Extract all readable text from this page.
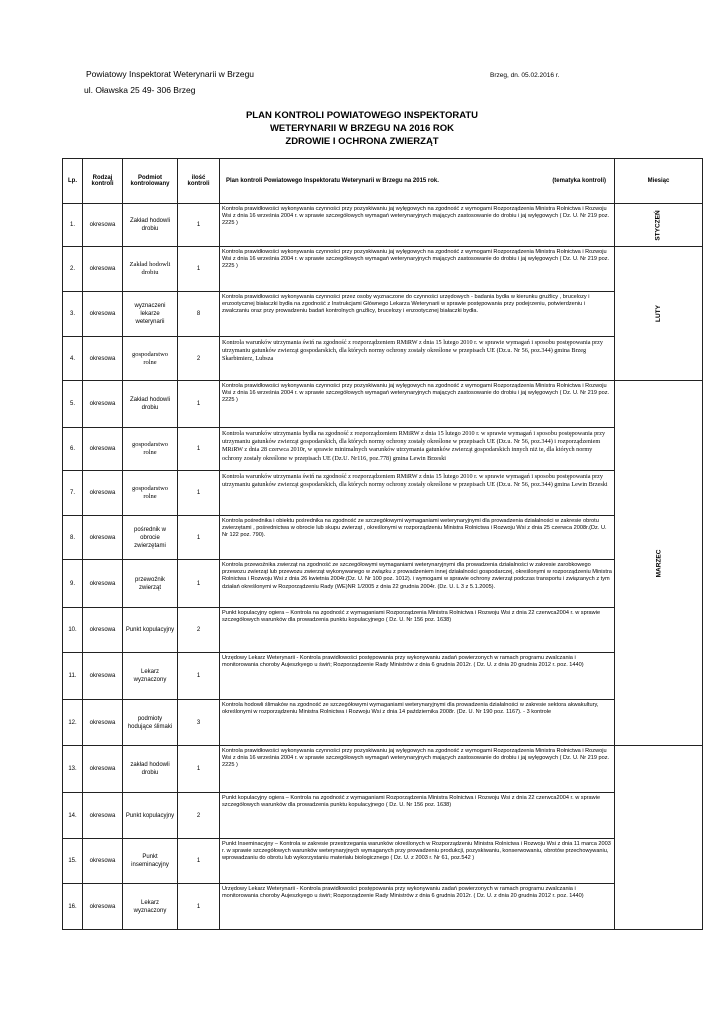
Powiatowy Inspektorat Weterynarii w Brzegu
ul. Oławska 25 49- 306 Brzeg
Brzeg, dn. 05.02.2016 r.
PLAN KONTROLI POWIATOWEGO INSPEKTORATU
WETERYNARII W BRZEGU NA 2016 ROK
ZDROWIE I OCHRONA ZWIERZĄT
Lp.	Rodzaj kontroli	Podmiot kontrolowany	ilość kontroli	Plan kontroli Powiatowego Inspektoratu Weterynarii w Brzegu na 2015 rok. (tematyka kontroli)	Miesiąc
1.	okresowa	Zakład hodowli drobiu	1	Kontrola prawidłowości wykonywania czynności przy pozyskiwaniu jaj wylęgowych na zgodność z wymogami Rozporządzenia Ministra Rolnictwa i Rozwoju Wsi z dnia 16 września 2004 r. w sprawie szczegółowych wymagań weterynaryjnych mających zastosowanie do drobiu i jaj wylęgowych ( Dz. U. Nr 219 poz. 2225 )	STYCZEŃ
2.	okresowa	Zakład hodowli drobiu	1	Kontrola prawidłowości wykonywania czynności przy pozyskiwaniu jaj wylęgowych na zgodność z wymogami Rozporządzenia Ministra Rolnictwa i Rozwoju Wsi z dnia 16 września 2004 r. w sprawie szczegółowych wymagań weterynaryjnych mających zastosowanie do drobiu i jaj wylęgowych ( Dz. U. Nr 219 poz. 2225 )	LUTY
3.	okresowa	wyznaczeni lekarze weterynarii	8	Kontrola prawidłowości wykonywania czynności przez osoby wyznaczone do czynności urzędowych - badania bydła w kierunku gruźlicy , brucelozy i enzootycznej białaczki bydła na zgodność z Instrukcjami Głównego Lekarza Weterynarii w sprawie postępowania przy podejrzeniu, potwierdzeniu i zwalczaniu oraz przy prowadzeniu badań kontrolnych gruźlicy, brucelozy i enzootycznej białaczki bydła.	
4.	okresowa	gospodarstwo rolne	2	Kontrola warunków utrzymania świń na zgodność z rozporządzeniem RMiRW z dnia 15 lutego 2010 r. w sprawie wymagań i sposobu postępowania przy utrzymaniu gatunków zwierząt gospodarskich, dla których normy ochrony zostały określone w przepisach UE (Dz.u. Nr 56, poz.344) gmina Brzeg Skarbimierz, Lubsza	
5.	okresowa	Zakład hodowli drobiu	1	Kontrola prawidłowości wykonywania czynności przy pozyskiwaniu jaj wylęgowych na zgodność z wymogami Rozporządzenia Ministra Rolnictwa i Rozwoju Wsi z dnia 16 września 2004 r. w sprawie szczegółowych wymagań weterynaryjnych mających zastosowanie do drobiu i jaj wylęgowych ( Dz. U. Nr 219 poz. 2225 )	MARZEC
6.	okresowa	gospodarstwo rolne	1	Kontrola warunków utrzymania bydła na zgodność z rozporządzeniem RMiRW z dnia 15 lutego 2010 r. w sprawie wymagań i sposobu postępowania przy utrzymaniu gatunków zwierząt gospodarskich, dla których normy ochrony zostały określone w przepisach UE (Dz.u. Nr 56, poz.344) i rozporządzeniem MRiRW z dnia 28 czerwca 2010r, w sprawie minimalnych warunków utrzymania gatunków zwierząt gospodarskich innych niż te, dla których normy ochrony zostały określone w przepisach UE (Dz.U. Nr116, poz.778) gmina Lewin Brzeski	
7.	okresowa	gospodarstwo rolne	1	Kontrola warunków utrzymania świń na zgodność z rozporządzeniem RMiRW z dnia 15 lutego 2010 r. w sprawie wymagań i sposobu postępowania przy utrzymaniu gatunków zwierząt gospodarskich, dla których normy ochrony zostały określone w przepisach UE (Dz.u. Nr 56, poz.344) gmina Lewin Brzeski	
8.	okresowa	pośrednik w obrocie zwierzętami	1	Kontrola pośrednika i obiektu pośrednika na zgodność ze szczegółowymi wymaganiami weterynaryjnymi dla prowadzenia działalności w zakresie obrotu zwierzętami , pośrednictwa w obrocie lub skupu zwierząt , określonymi w rozporządzeniu Ministra Rolnictwa i Rozwoju Wsi z dnia 25 czerwca 2008r.(Dz. U. Nr 122 poz. 790).	
9.	okresowa	przewoźnik zwierząt	1	Kontrola przewoźnika zwierząt na zgodność ze szczegółowymi wymaganiami weterynaryjnymi dla prowadzenia działalności w zakresie zarobkowego przewozu zwierząt lub przewozu zwierząt wykonywanego w związku z prowadzeniem innej działalności gospodarczej, określonymi w rozporządzeniu Ministra Rolnictwa i Rozwoju Wsi z dnia 26 kwietnia 2004r.(Dz. U. Nr 100 poz. 1012). i wymogami w sprawie ochrony zwierząt podczas transportu i związanych z tym działań określonymi w Rozporządzeniu Rady (WE)NR 1/2005 z dnia 22 grudnia 2004r. (Dz. U. L 3 z 5.1.2005).	
10.	okresowa	Punkt kopulacyjny	2	Punkt kopulacyjny ogiera – Kontrola na zgodność z wymaganiami Rozporządzenia Ministra Rolnictwa i Rozwoju Wsi z dnia 22 czerwca2004 r. w sprawie szczegółowych warunków dla prowadzenia punktu kopulacyjnego ( Dz. U. Nr 156 poz. 1638)	
11.	okresowa	Lekarz wyznaczony	1	Urzędowy Lekarz Weterynarii - Kontrola prawidłowości postępowania przy wykonywaniu zadań powierzonych w ramach programu zwalczania i monitorowania choroby Aujeszkyego u świń; Rozporządzenie Rady Ministrów z dnia 6 grudnia 2012r. ( Dz. U. z dnia 20 grudnia 2012 r. poz. 1440)	
12.	okresowa	podmioty hodujące ślimaki	3	Kontrola hodowli ślimaków na zgodność ze szczegółowymi wymaganiami weterynaryjnymi dla prowadzenia działalności w zakresie sektora akwakultury, określonymi w rozporządzeniu Ministra Rolnictwa i Rozwoju Wsi z dnia 14 października 2008r. (Dz. U. Nr 190 poz. 1167). - 3 kontrole	
13.	okresowa	zakład hodowli drobiu	1	Kontrola prawidłowości wykonywania czynności przy pozyskiwaniu jaj wylęgowych na zgodność z wymogami Rozporządzenia Ministra Rolnictwa i Rozwoju Wsi z dnia 16 września 2004 r. w sprawie szczegółowych wymagań weterynaryjnych mających zastosowanie do drobiu i jaj wylęgowych ( Dz. U. Nr 219 poz. 2225 )	
14.	okresowa	Punkt kopulacyjny	2	Punkt kopulacyjny ogiera – Kontrola na zgodność z wymaganiami Rozporządzenia Ministra Rolnictwa i Rozwoju Wsi z dnia 22 czerwca2004 r. w sprawie szczegółowych warunków dla prowadzenia punktu kopulacyjnego ( Dz. U. Nr 156 poz. 1638)	
15.	okresowa	Punkt inseminacyjny	1	Punkt Inseminacyjny – Kontrola w zakresie przestrzegania warunków określonych w Rozporządzeniu Ministra Rolnictwa i Rozwoju Wsi z dnia 11 marca 2003 r. w sprawie szczegółowych warunków weterynaryjnych wymaganych przy prowadzeniu produkcji, pozyskiwaniu, konserwowaniu, obrotów przechowywaniu, wprowadzaniu do obrotu lub wykorzystaniu materiału biologicznego ( Dz. U. z 2003 r. Nr 61, poz.542 )	
16.	okresowa	Lekarz wyznaczony	1	Urzędowy Lekarz Weterynarii - Kontrola prawidłowości postępowania przy wykonywaniu zadań powierzonych w ramach programu zwalczania i monitorowania choroby Aujeszkyego u świń; Rozporządzenie Rady Ministrów z dnia 6 grudnia 2012r. ( Dz. U. z dnia 20 grudnia 2012 r. poz. 1440)	
